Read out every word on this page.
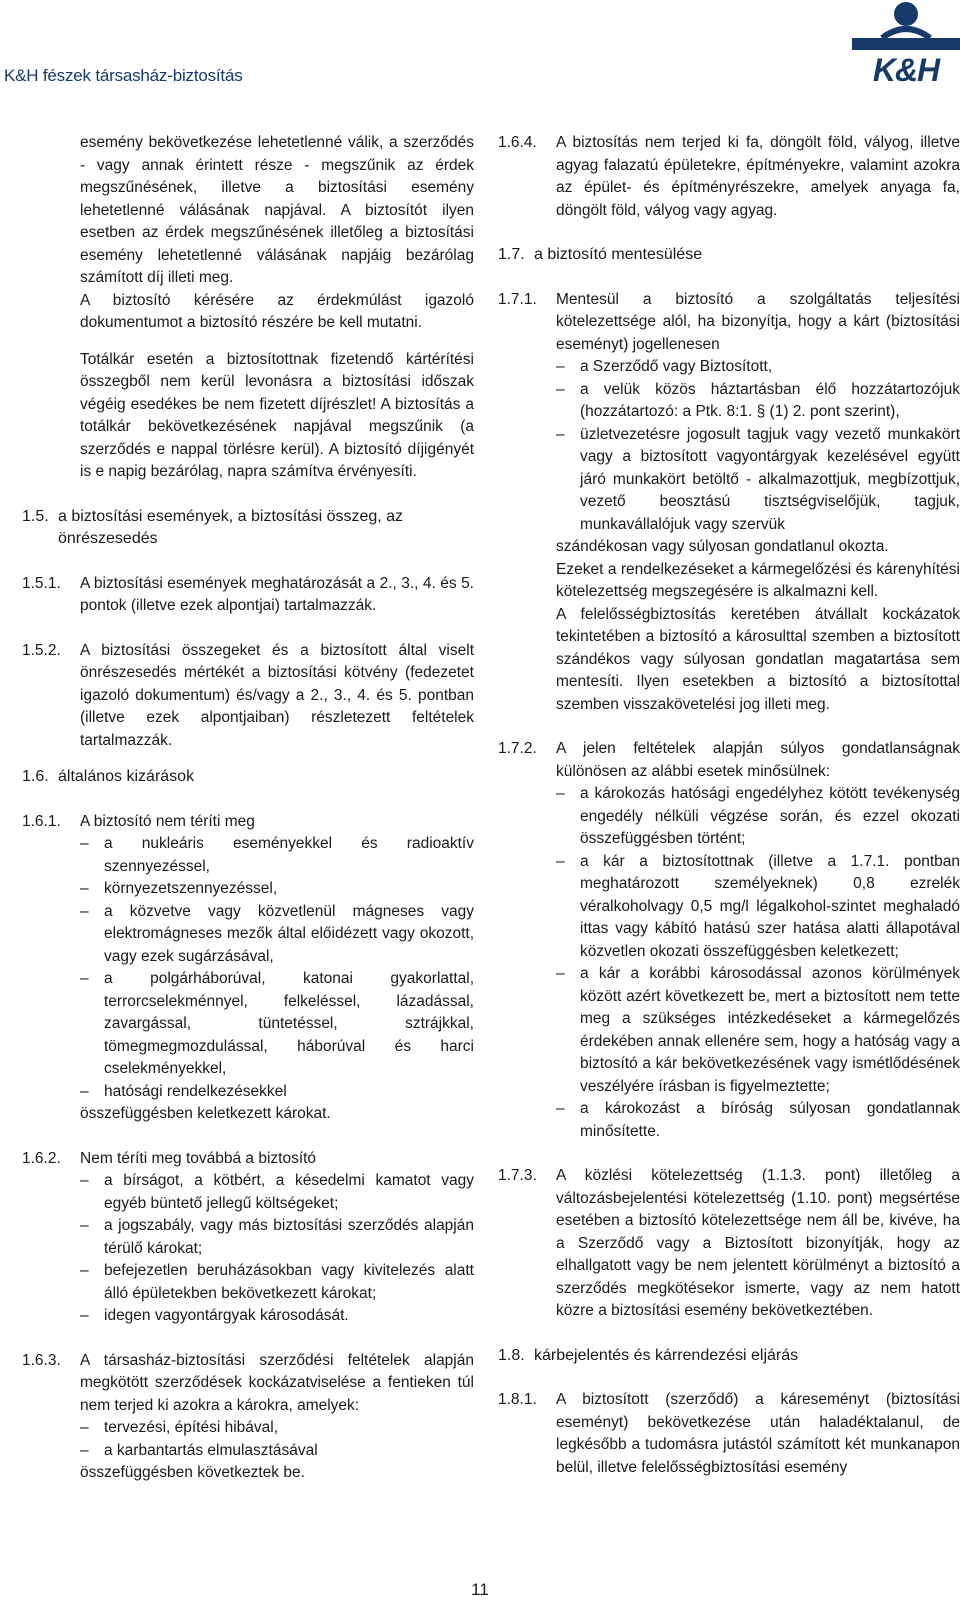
K&H fészek társasház-biztosítás	K&H

esemény bekövetkezése lehetetlenné válik, a szerződés - vagy annak érintett része - megszűnik az érdek megszűnésének, illetve a biztosítási esemény lehetetlenné válásának napjával. A biztosítót ilyen esetben az érdek megszűnésének illetőleg a biztosítási esemény lehetetlenné válásának napjáig bezárólag számított díj illeti meg.

A biztosító kérésére az érdekmúlást igazoló dokumentumot a biztosító részére be kell mutatni.

Totálkár esetén a biztosítottnak fizetendő kártérítési összegből nem kerül levonásra a biztosítási időszak végéig esedékes be nem fizetett díjrészlet! A biztosítás a totálkár bekövetkezésének napjával megszűnik (a szerződés e nappal törlésre kerül). A biztosító díjigényét is e napig bezárólag, napra számítva érvényesíti.

1.5. a biztosítási események, a biztosítási összeg, az önrészesedés
1.5.1.	A biztosítási események meghatározását a 2., 3., 4. és 5. pontok (illetve ezek alpontjai) tartalmazzák.

1.5.2.	A biztosítási összegeket és a biztosított által viselt önrészesedés mértékét a biztosítási kötvény (fedezetet igazoló dokumentum) és/vagy a 2., 3., 4. és 5. pontban (illetve ezek alpontjaiban) részletezett feltételek tartalmazzák.

1.6. általános kizárások
1.6.1.	A biztosító nem téríti meg

– a nukleáris eseményekkel és radioaktív szennyezéssel,

– környezetszennyezéssel,

– a közvetve vagy közvetlenül mágneses vagy elektromágneses mezők által előidézett vagy okozott, vagy ezek sugárzásával,

– a polgárháborúval, katonai gyakorlattal, terrorcselekménnyel, felkeléssel, lázadással, zavargással, tüntetéssel, sztrájkkal, tömegmegmozdulással, háborúval és harci cselekményekkel,

– hatósági rendelkezésekkel

összefüggésben keletkezett károkat.

1.6.2.	Nem téríti meg továbbá a biztosító

– a bírságot, a kötbért, a késedelmi kamatot vagy egyéb büntető jellegű költségeket;

– a jogszabály, vagy más biztosítási szerződés alapján térülő károkat;

– befejezetlen beruházásokban vagy kivitelezés alatt álló épületekben bekövetkezett károkat;

– idegen vagyontárgyak károsodását.

1.6.3.	A társasház-biztosítási szerződési feltételek alapján megkötött szerződések kockázatviselése a fentieken túl nem terjed ki azokra a károkra, amelyek:

– tervezési, építési hibával,

– a karbantartás elmulasztásával

összefüggésben következtek be.

1.6.4.	A biztosítás nem terjed ki fa, döngölt föld, vályog, illetve agyag falazatú épületekre, építményekre, valamint azokra az épület- és építményrészekre, amelyek anyaga fa, döngölt föld, vályog vagy agyag.

1.7. a biztosító mentesülése
1.7.1.	Mentesül a biztosító a szolgáltatás teljesítési kötelezettsége alól, ha bizonyítja, hogy a kárt (biztosítási eseményt) jogellenesen

– a Szerződő vagy Biztosított,

– a velük közös háztartásban élő hozzátartozójuk (hozzátartozó: a Ptk. 8:1. § (1) 2. pont szerint),

– üzletvezetésre jogosult tagjuk vagy vezető munkakört vagy a biztosított vagyontárgyak kezelésével együtt járó munkakört betöltő - alkalmazottjuk, megbízottjuk, vezető beosztású tisztségviselőjük, tagjuk, munkavállalójuk vagy szervük

szándékosan vagy súlyosan gondatlanul okozta.

Ezeket a rendelkezéseket a kármegelőzési és kárenyhítési kötelezettség megszegésére is alkalmazni kell.

A felelősségbiztosítás keretében átvállalt kockázatok tekintetében a biztosító a károsulttal szemben a biztosított szándékos vagy súlyosan gondatlan magatartása sem mentesíti. Ilyen esetekben a biztosító a biztosítottal szemben visszakövetelési jog illeti meg.

1.7.2.	A jelen feltételek alapján súlyos gondatlanságnak különösen az alábbi esetek minősülnek:

– a károkozás hatósági engedélyhez kötött tevékenység engedély nélküli végzése során, és ezzel okozati összefüggésben történt;

– a kár a biztosítottnak (illetve a 1.7.1. pontban meghatározott személyeknek) 0,8 ezrelék véralkoholvagy 0,5 mg/l légalkohol-szintet meghaladó ittas vagy kábító hatású szer hatása alatti állapotával közvetlen okozati összefüggésben keletkezett;

– a kár a korábbi károsodással azonos körülmények között azért következett be, mert a biztosított nem tette meg a szükséges intézkedéseket a kármegelőzés érdekében annak ellenére sem, hogy a hatóság vagy a biztosító a kár bekövetkezésének vagy ismétlődésének veszélyére írásban is figyelmeztette;

– a károkozást a bíróság súlyosan gondatlannak minősítette.

1.7.3.	A közlési kötelezettség (1.1.3. pont) illetőleg a változásbejelentési kötelezettség (1.10. pont) megsértése esetében a biztosító kötelezettsége nem áll be, kivéve, ha a Szerződő vagy a Biztosított bizonyítják, hogy az elhallgatott vagy be nem jelentett körülményt a biztosító a szerződés megkötésekor ismerte, vagy az nem hatott közre a biztosítási esemény bekövetkeztében.

1.8. kárbejelentés és kárrendezési eljárás
1.8.1.	A biztosított (szerződő) a káreseményt (biztosítási eseményt) bekövetkezése után haladéktalanul, de legkésőbb a tudomásra jutástól számított két munkanapon belül, illetve felelősségbiztosítási esemény

11
